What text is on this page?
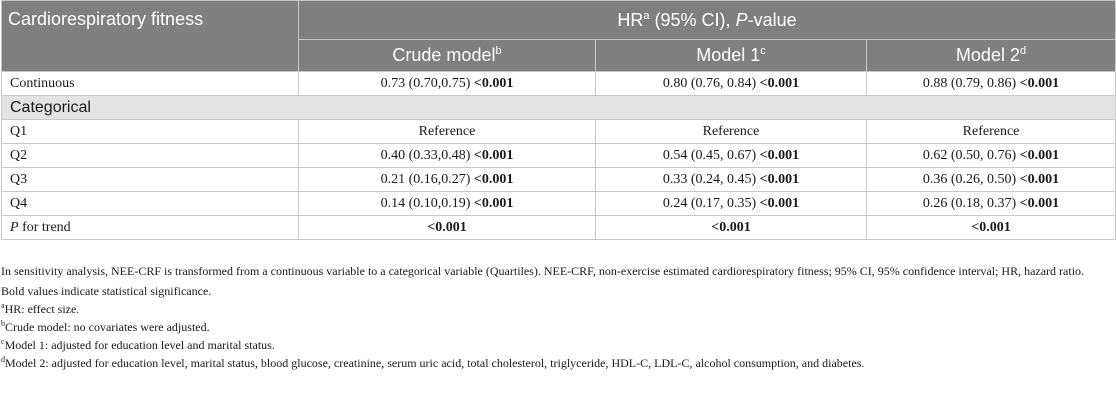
Cardiorespiratory fitness	$HR^a$ (95% CI), P-value		
	Crude model$^b$	Model 1$^c$	Model 2$^d$
Continuous	0.73 (0.70,0.75) <0.001	0.80 (0.76, 0.84) <0.001	0.88 (0.79, 0.86) <0.001
Categorical			
Q1	Reference	Reference	Reference
Q2	0.40 (0.33,0.48) <0.001	0.54 (0.45, 0.67) <0.001	0.62 (0.50, 0.76) <0.001
Q3	0.21 (0.16,0.27) <0.001	0.33 (0.24, 0.45) <0.001	0.36 (0.26, 0.50) <0.001
Q4	0.14 (0.10,0.19) <0.001	0.24 (0.17, 0.35) <0.001	0.26 (0.18, 0.37) <0.001
P for trend	<0.001	<0.001	<0.001

In sensitivity analysis, NEE-CRF is transformed from a continuous variable to a categorical variable (Quartiles). NEE-CRF, non-exercise estimated cardiorespiratory fitness; 95% CI, 95% confidence interval; HR, hazard ratio.

Bold values indicate statistical significance.

$^a$HR: effect size.

$^b$Crude model: no covariates were adjusted.

$^c$Model 1: adjusted for education level and marital status.

$^d$Model 2: adjusted for education level, marital status, blood glucose, creatinine, serum uric acid, total cholesterol, triglyceride, HDL-C, LDL-C, alcohol consumption, and diabetes.
